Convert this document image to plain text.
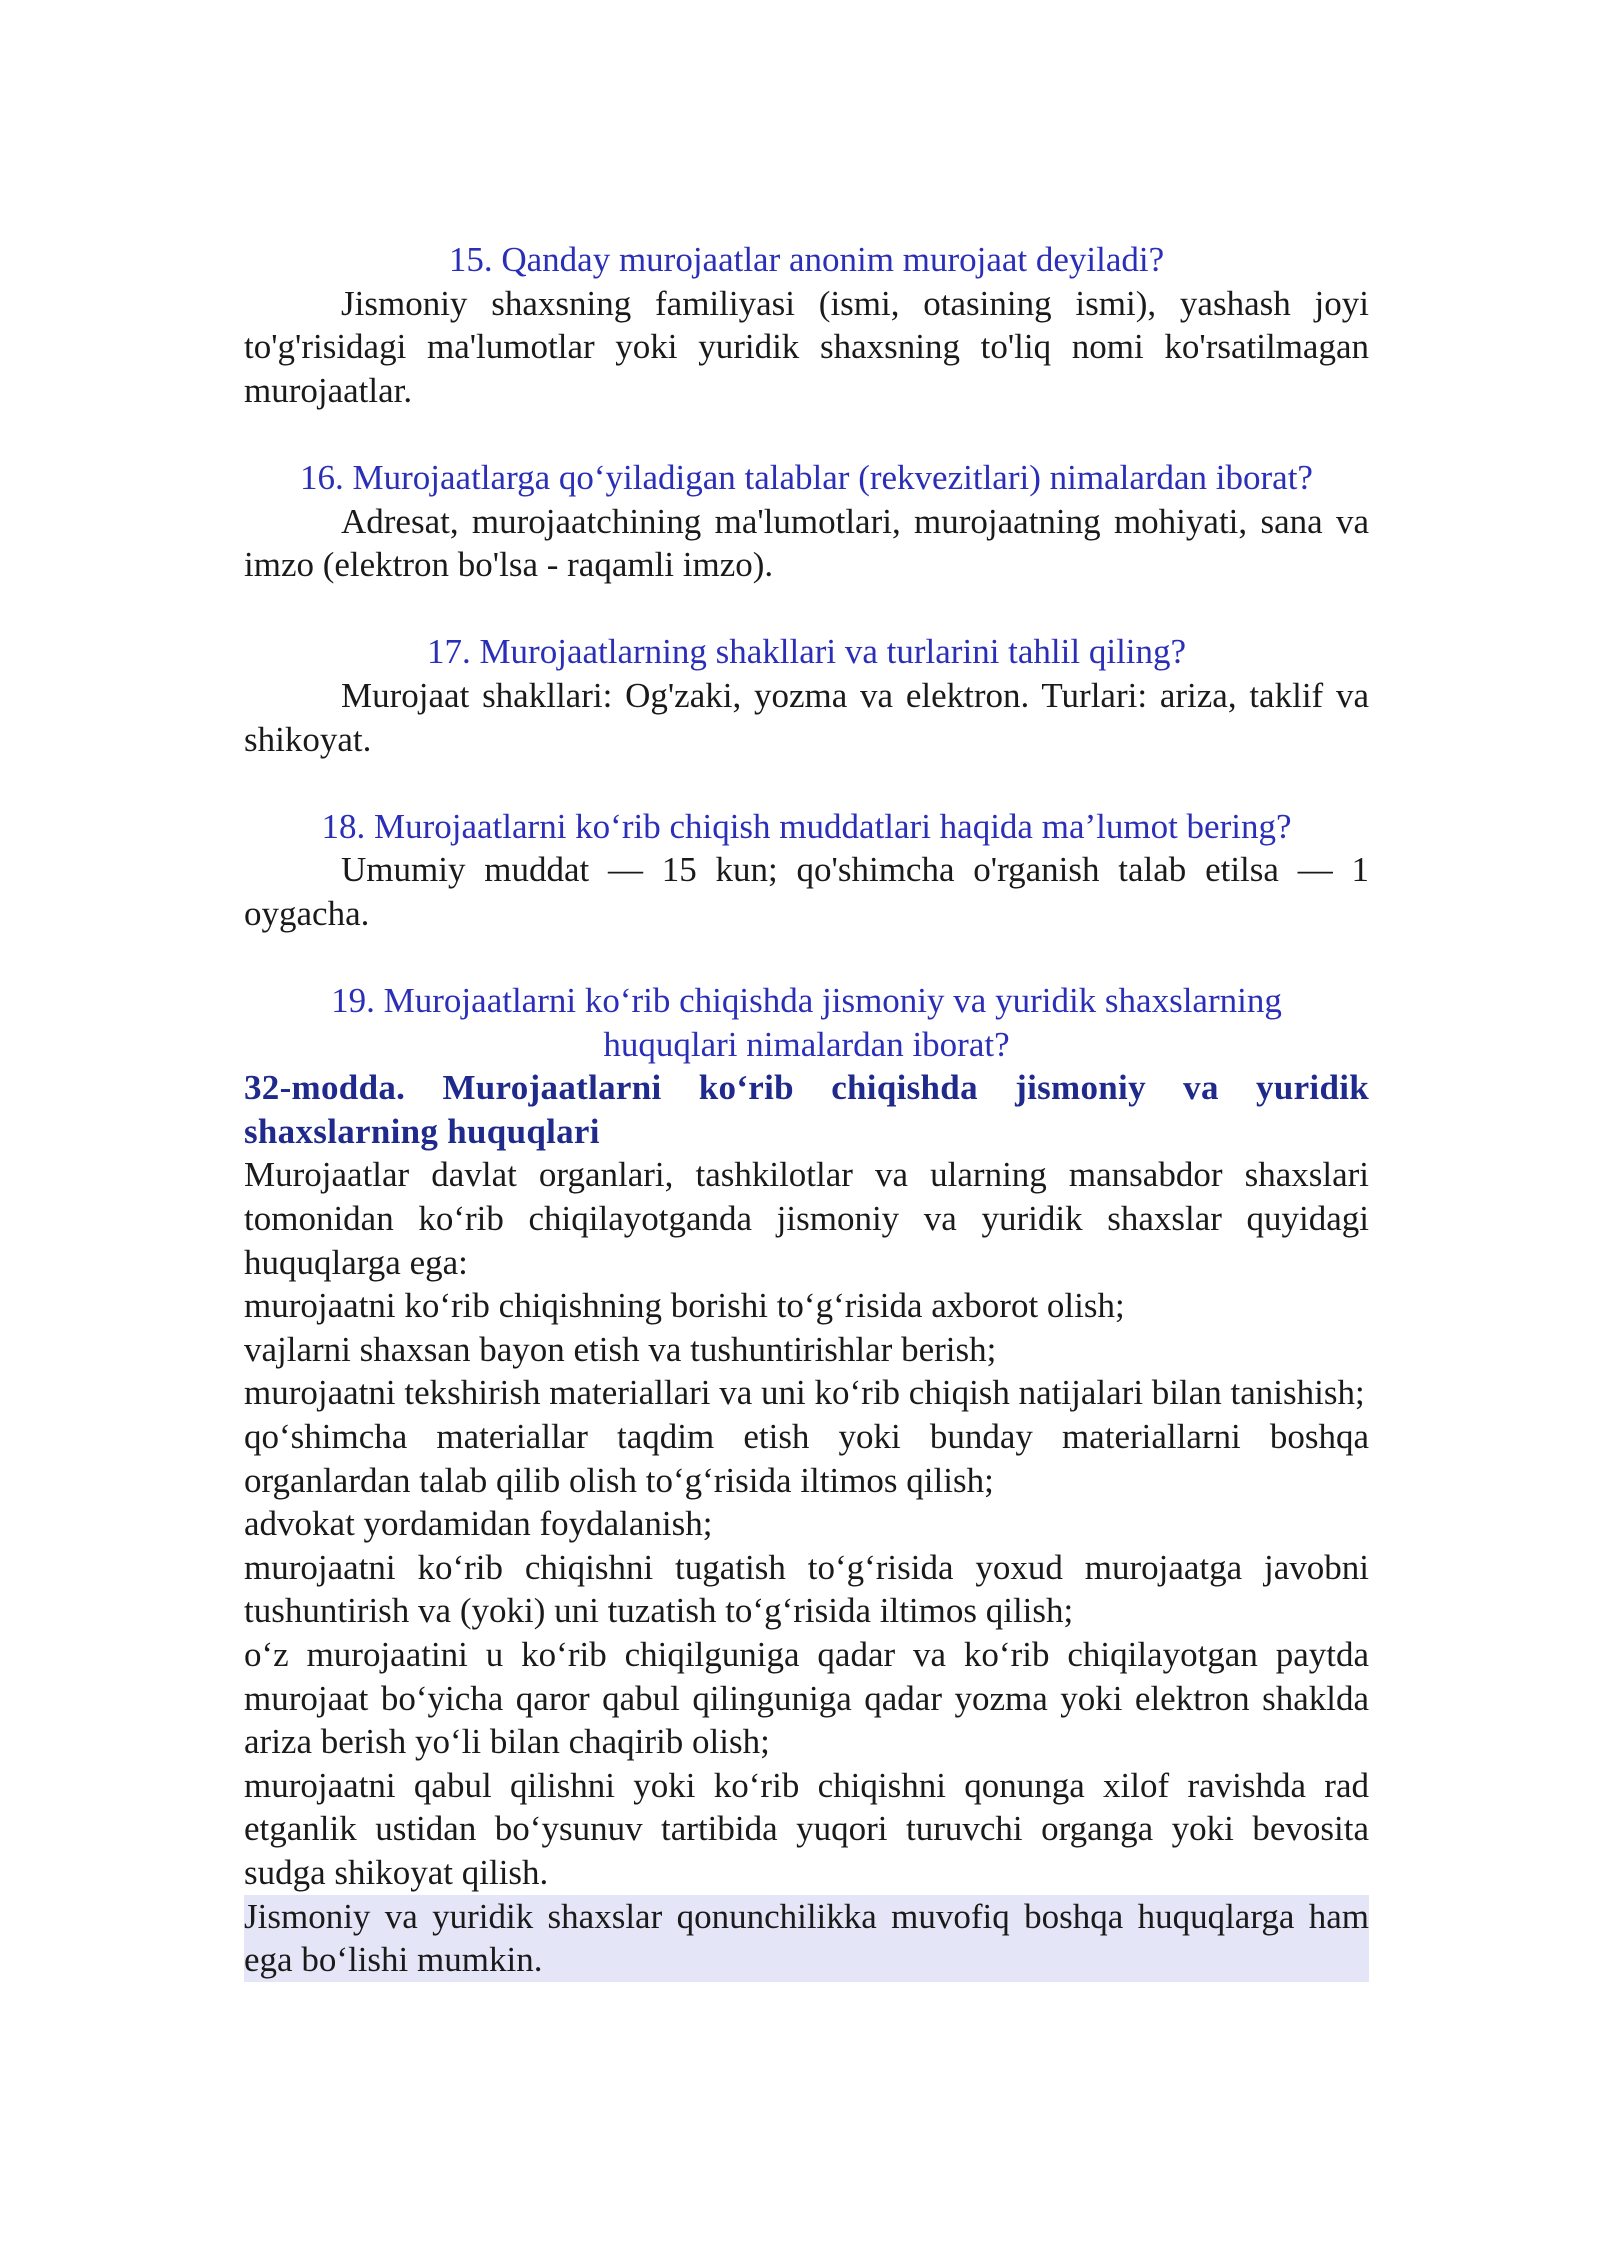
15. Qanday murojaatlar anonim murojaat deyiladi?

Jismoniy shaxsning familiyasi (ismi, otasining ismi), yashash joyi to'g'risidagi ma'lumotlar yoki yuridik shaxsning to'liq nomi ko'rsatilmagan murojaatlar.

16. Murojaatlarga qo‘yiladigan talablar (rekvezitlari) nimalardan iborat?

Adresat, murojaatchining ma'lumotlari, murojaatning mohiyati, sana va imzo (elektron bo'lsa - raqamli imzo).

17. Murojaatlarning shakllari va turlarini tahlil qiling?

Murojaat shakllari: Og'zaki, yozma va elektron. Turlari: ariza, taklif va shikoyat.

18. Murojaatlarni ko‘rib chiqish muddatlari haqida ma’lumot bering?

Umumiy muddat — 15 kun; qo'shimcha o'rganish talab etilsa — 1 oygacha.

19. Murojaatlarni ko‘rib chiqishda jismoniy va yuridik shaxslarning
huquqlari nimalardan iborat?

32-modda. Murojaatlarni ko‘rib chiqishda jismoniy va yuridik shaxslarning huquqlari

Murojaatlar davlat organlari, tashkilotlar va ularning mansabdor shaxslari tomonidan ko‘rib chiqilayotganda jismoniy va yuridik shaxslar quyidagi huquqlarga ega:

murojaatni ko‘rib chiqishning borishi to‘g‘risida axborot olish;

vajlarni shaxsan bayon etish va tushuntirishlar berish;

murojaatni tekshirish materiallari va uni ko‘rib chiqish natijalari bilan tanishish;

qo‘shimcha materiallar taqdim etish yoki bunday materiallarni boshqa organlardan talab qilib olish to‘g‘risida iltimos qilish;

advokat yordamidan foydalanish;

murojaatni ko‘rib chiqishni tugatish to‘g‘risida yoxud murojaatga javobni tushuntirish va (yoki) uni tuzatish to‘g‘risida iltimos qilish;

o‘z murojaatini u ko‘rib chiqilguniga qadar va ko‘rib chiqilayotgan paytda murojaat bo‘yicha qaror qabul qilinguniga qadar yozma yoki elektron shaklda ariza berish yo‘li bilan chaqirib olish;

murojaatni qabul qilishni yoki ko‘rib chiqishni qonunga xilof ravishda rad etganlik ustidan bo‘ysunuv tartibida yuqori turuvchi organga yoki bevosita sudga shikoyat qilish.

Jismoniy va yuridik shaxslar qonunchilikka muvofiq boshqa huquqlarga ham ega bo‘lishi mumkin.
